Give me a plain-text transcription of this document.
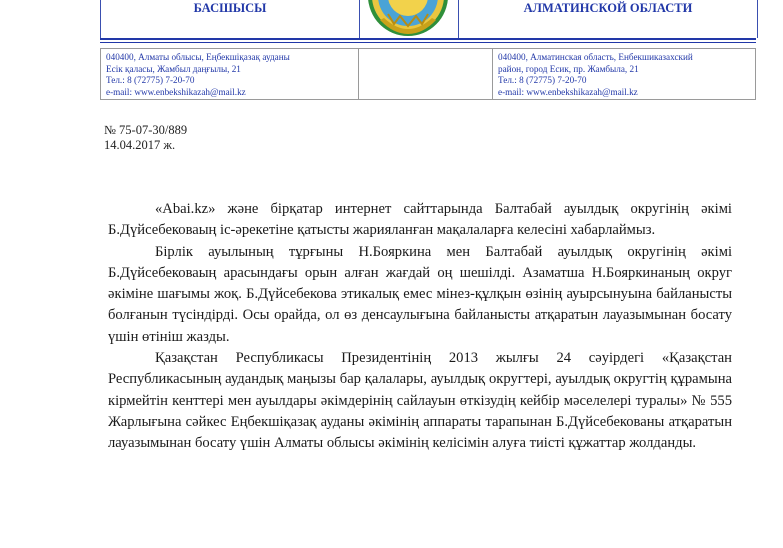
БАСШЫСЫ	АЛМАТИНСКОЙ ОБЛАСТИ
040400, Алматы облысы, Еңбекшіқазақ ауданы
Есік қаласы, Жамбыл даңғылы, 21
Тел.: 8 (72775) 7-20-70
e-mail: www.enbekshikazah@mail.kz
040400, Алматинская область, Енбекшиказахский
район, город Есик, пр. Жамбыла, 21
Тел.: 8 (72775) 7-20-70
e-mail: www.enbekshikazah@mail.kz
№ 75-07-30/889
14.04.2017 ж.

«Abai.kz» және бірқатар интернет сайттарында Балтабай ауылдық округінің әкімі Б.Дүйсебековаың іс-әрекетіне қатысты жарияланған мақалаларға келесіні хабарлаймыз.

Бірлік ауылының тұрғыны Н.Бояркина мен Балтабай ауылдық округінің әкімі Б.Дүйсебековаың арасындағы орын алған жағдай оң шешілді. Азаматша Н.Бояркинаның округ әкіміне шағымы жоқ. Б.Дүйсебекова этикалық емес мінез-құлқын өзінің ауырсынуына байланысты болғанын түсіндірді. Осы орайда, ол өз денсаулығына байланысты атқаратын лауазымынан босату үшін өтініш жазды.

Қазақстан Республикасы Президентінің 2013 жылғы 24 сәуірдегі «Қазақстан Республикасының аудандық маңызы бар қалалары, ауылдық округтері, ауылдық округтің құрамына кірмейтін кенттері мен ауылдары әкімдерінің сайлауын өткізудің кейбір мәселелері туралы» № 555 Жарлығына сәйкес Еңбекшіқазақ ауданы әкімінің аппараты тарапынан Б.Дүйсебекованы атқаратын лауазымынан босату үшін Алматы облысы әкімінің келісімін алуға тиісті құжаттар жолданды.
